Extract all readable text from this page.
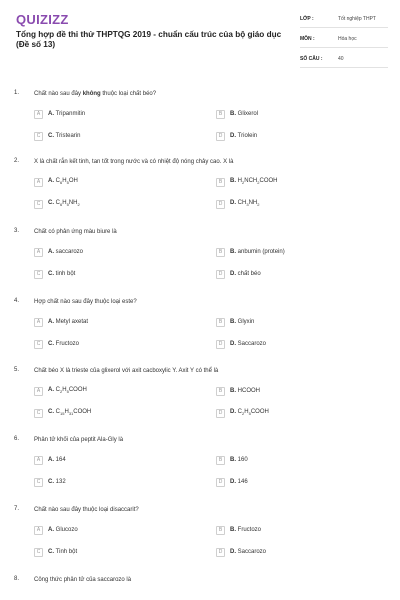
QUIZIZZ
Tổng hợp đề thi thử THPTQG 2019 - chuẩn cấu trúc của bộ giáo dục (Đề số 13)
LỚP :	Tốt nghiệp THPT
MÔN :	Hóa học
SỐ CÂU :	40
1. Chất nào sau đây không thuộc loại chất béo?
A	A. Tripanmitin	B	B. Glixerol
C	C. Tristearin	D	D. Triolein
2. X là chất rắn kết tinh, tan tốt trong nước và có nhiệt độ nóng chảy cao. X là
A	A. $C_6H_5OH$	B	B. $H_2NCH_2COOH$
C	C. $C_6H_5NH_2$	D	D. $CH_3NH_2$
3. Chất có phản ứng màu biure là
A	A. saccarozo	B	B. anbumin (protein)
C	C. tinh bột	D	D. chất béo
4. Hợp chất nào sau đây thuộc loại este?
A	A. Metyl axetat	B	B. Glyxin
C	C. Fructozo	D	D. Saccarozo
5. Chất béo X là trieste của glixerol với axit cacboxylic Y. Axit Y có thể là
A	A. $C_2H_5COOH$	B	B. HCOOH
C	C. $C_{15}H_{31}COOH$	D	D. $C_2H_5COOH$
6. Phân tử khối của peptit Ala-Gly là
A	A. 164	B	B. 160
C	C. 132	D	D. 146
7. Chất nào sau đây thuộc loại disaccarit?
A	A. Glucozo	B	B. Fructozo
C	C. Tinh bột	D	D. Saccarozo
8. Công thức phân tử của saccarozo là
